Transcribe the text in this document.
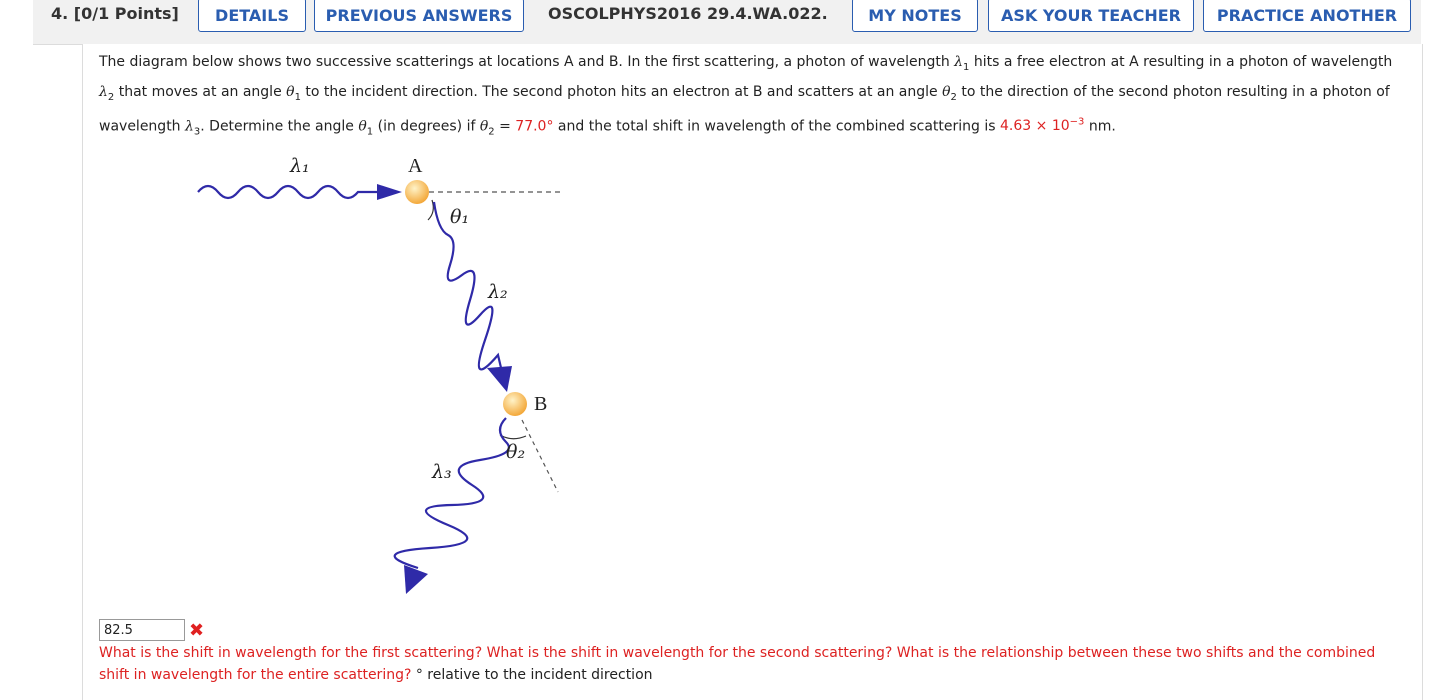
4. [0/1 Points]	DETAILS	PREVIOUS ANSWERS	OSCOLPHYS2016 29.4.WA.022.	MY NOTES	ASK YOUR TEACHER	PRACTICE ANOTHER
The diagram below shows two successive scatterings at locations A and B. In the first scattering, a photon of wavelength $\lambda_1$ hits a free electron at A resulting in a photon of wavelength $\lambda_2$ that moves at an angle $\theta_1$ to the incident direction. The second photon hits an electron at B and scatters at an angle $\theta_2$ to the direction of the second photon resulting in a photon of wavelength $\lambda_3$. Determine the angle $\theta_1$ (in degrees) if $\theta_2 = 77.0^\circ$ and the total shift in wavelength of the combined scattering is $4.63 \times 10^{-3}$ nm.
λ₁	A
θ₁
λ₂
B
θ₂
λ₃
82.5
✖
What is the shift in wavelength for the first scattering? What is the shift in wavelength for the second scattering? What is the relationship between these two shifts and the combined shift in wavelength for the entire scattering? ° relative to the incident direction
